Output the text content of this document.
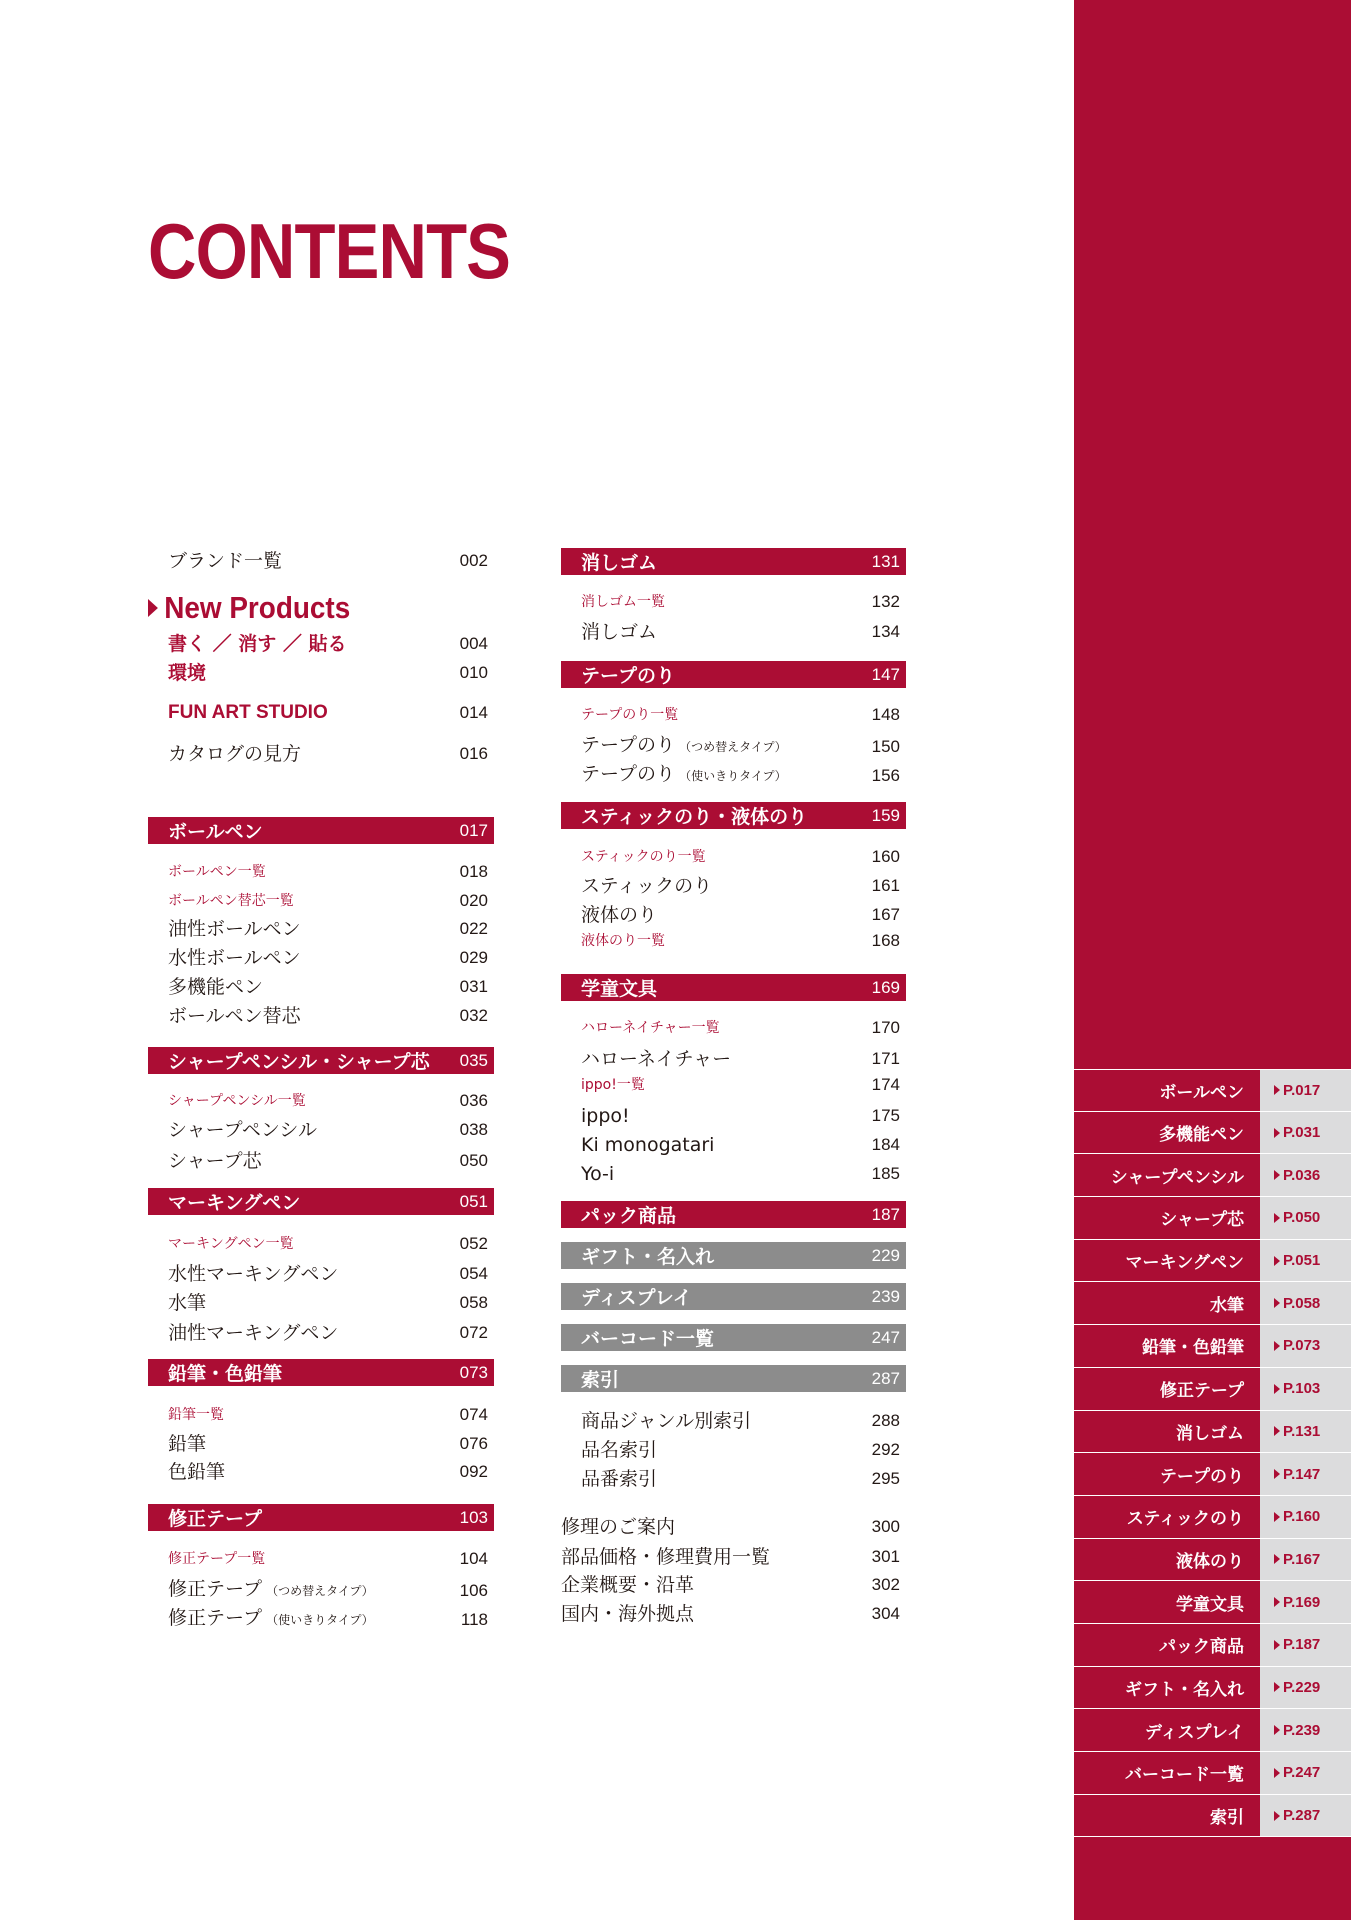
CONTENTS
ブランド一覧	002
New Products
書く ／ 消す ／ 貼る	004
環境	010
FUN ART STUDIO	014
カタログの見方	016
ボールペン	017
ボールペン一覧	018
ボールペン替芯一覧	020
油性ボールペン	022
水性ボールペン	029
多機能ペン	031
ボールペン替芯	032
シャープペンシル・シャープ芯 035
シャープペンシル一覧	036
シャープペンシル	038
シャープ芯	050
マーキングペン	051
マーキングペン一覧	052
水性マーキングペン	054
水筆	058
油性マーキングペン	072
鉛筆・色鉛筆	073
鉛筆一覧	074
鉛筆	076
色鉛筆	092
修正テープ	103
修正テープ一覧	104
修正テープ （つめ替えタイプ）	106
修正テープ （使いきりタイプ）	118
消しゴム	131
消しゴム一覧	132
消しゴム	134
テープのり	147
テープのり一覧	148
テープのり （つめ替えタイプ）	150
テープのり （使いきりタイプ）	156
スティックのり・液体のり	159
スティックのり一覧	160
スティックのり	161
液体のり	167
液体のり一覧	168
学童文具	169
ハローネイチャー一覧	170
ハローネイチャー	171
ippo!一覧	174
ippo!	175
Ki monogatari	184
Yo-i	185
パック商品	187
ギフト・名入れ	229
ディスプレイ	239
バーコード一覧	247
索引	287
商品ジャンル別索引	288
品名索引	292
品番索引	295
修理のご案内	300
部品価格・修理費用一覧	301
企業概要・沿革	302
国内・海外拠点	304
ボールペン	P.017
多機能ペン	P.031
シャープペンシル	P.036
シャープ芯	P.050
マーキングペン	P.051
水筆	P.058
鉛筆・色鉛筆	P.073
修正テープ	P.103
消しゴム	P.131
テープのり	P.147
スティックのり	P.160
液体のり	P.167
学童文具	P.169
パック商品	P.187
ギフト・名入れ	P.229
ディスプレイ	P.239
バーコード一覧	P.247
索引	P.287
